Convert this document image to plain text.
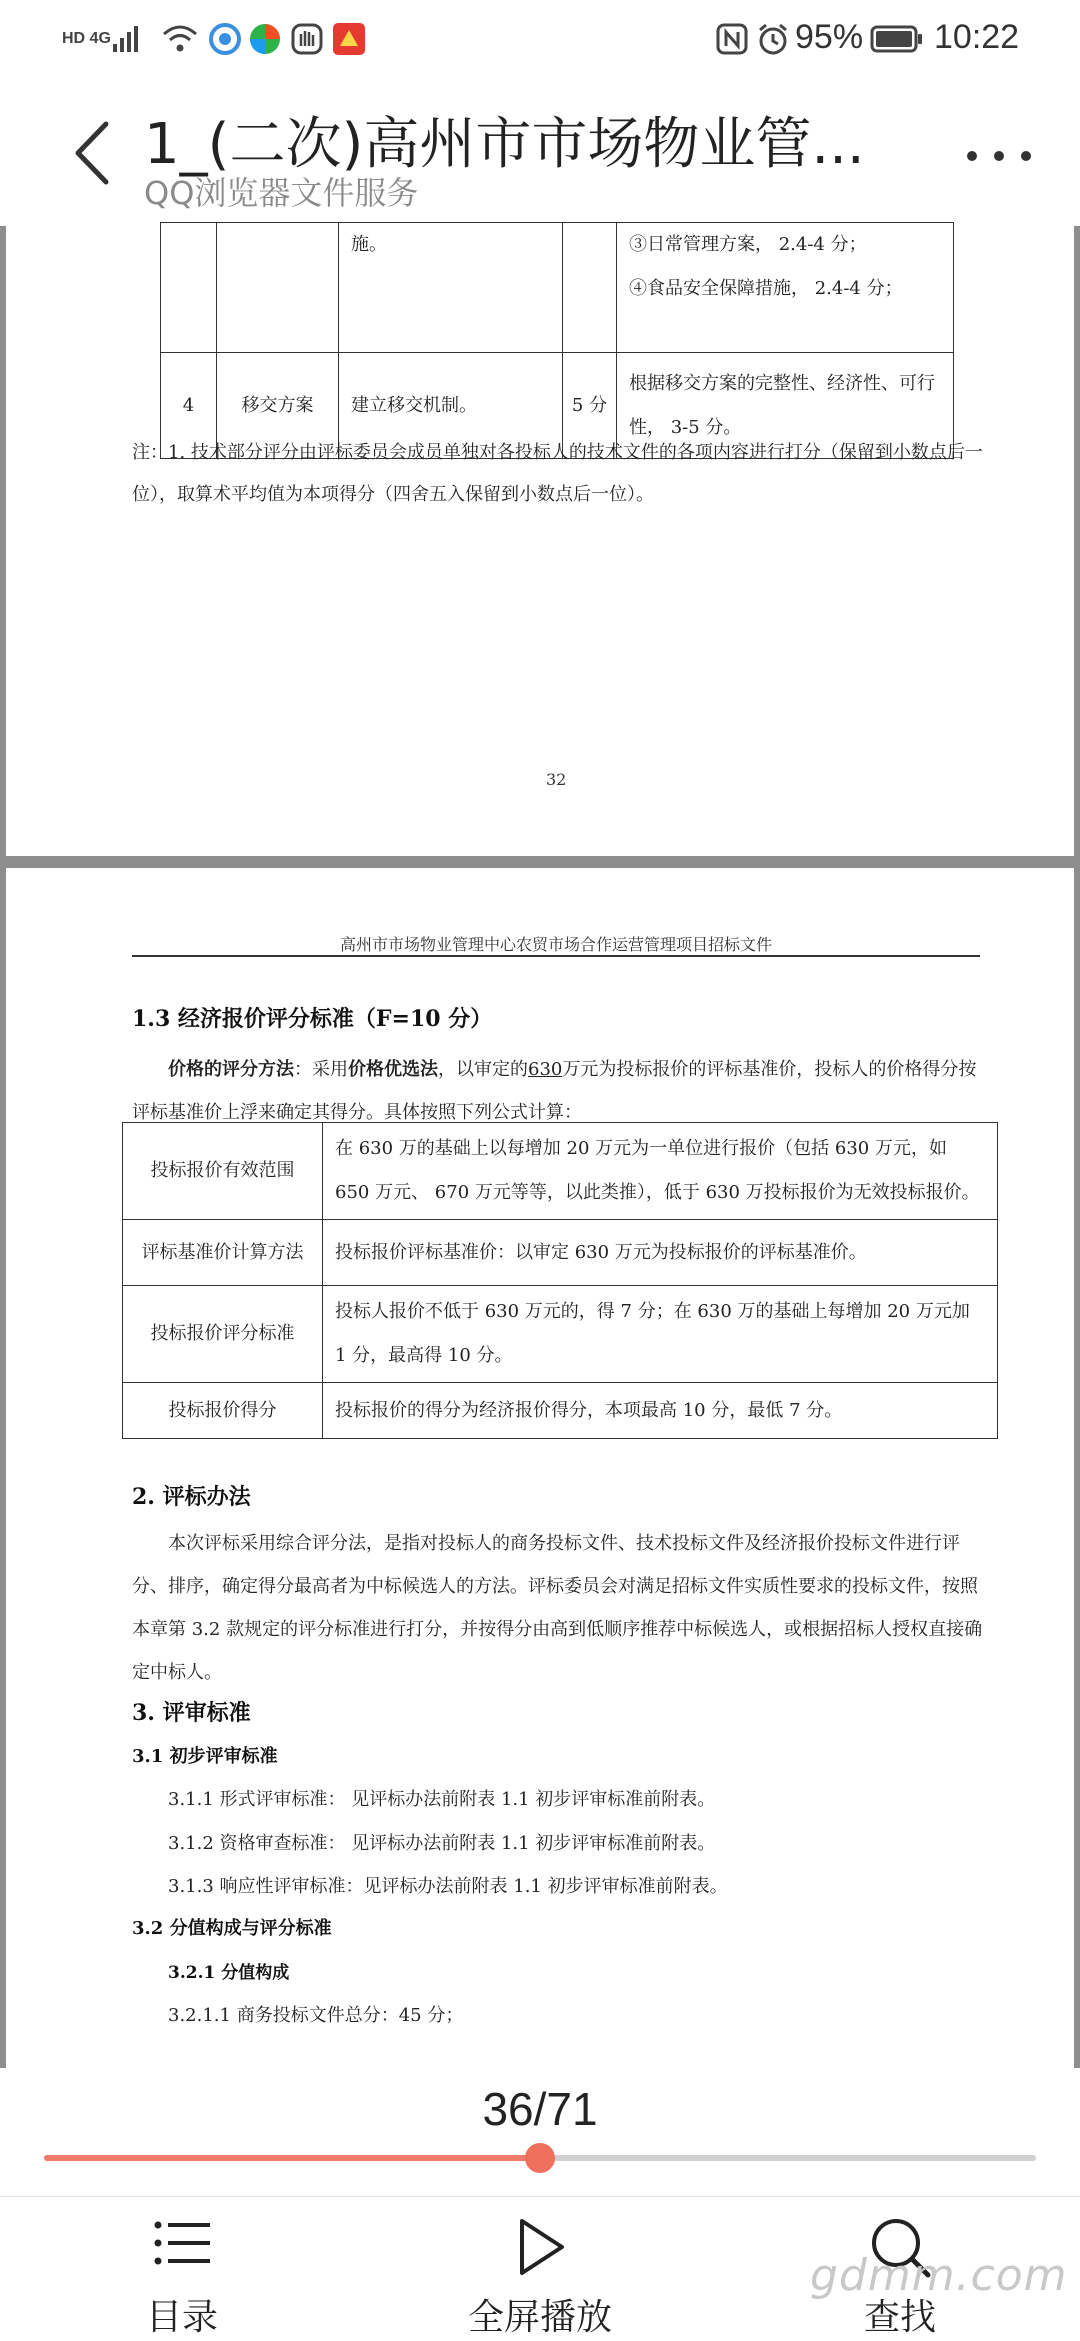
HD 4G	95% 10:22
1_(二次)高州市市场物业管...
QQ浏览器文件服务
		施。		③日常管理方案， 2.4-4 分；
④食品安全保障措施， 2.4-4 分；

4	移交方案	建立移交机制。	5 分	根据移交方案的完整性、经济性、可行性， 3-5 分。
注：1. 技术部分评分由评标委员会成员单独对各投标人的技术文件的各项内容进行打分（保留到小数点后一位），取算术平均值为本项得分（四舍五入保留到小数点后一位）。
32
高州市市场物业管理中心农贸市场合作运营管理项目招标文件
1.3 经济报价评分标准（F=10 分）
价格的评分方法：采用价格优选法，以审定的630万元为投标报价的评标基准价，投标人的价格得分按评标基准价上浮来确定其得分。具体按照下列公式计算：
投标报价有效范围	在 630 万的基础上以每增加 20 万元为一单位进行报价（包括 630 万元，如 650 万元、 670 万元等等，以此类推），低于 630 万投标报价为无效投标报价。
评标基准价计算方法	投标报价评标基准价：以审定 630 万元为投标报价的评标基准价。
投标报价评分标准	投标人报价不低于 630 万元的，得 7 分；在 630 万的基础上每增加 20 万元加 1 分，最高得 10 分。
投标报价得分	投标报价的得分为经济报价得分，本项最高 10 分，最低 7 分。
2. 评标办法
本次评标采用综合评分法，是指对投标人的商务投标文件、技术投标文件及经济报价投标文件进行评分、排序，确定得分最高者为中标候选人的方法。评标委员会对满足招标文件实质性要求的投标文件，按照本章第 3.2 款规定的评分标准进行打分，并按得分由高到低顺序推荐中标候选人，或根据招标人授权直接确定中标人。
3. 评审标准
3.1 初步评审标准
3.1.1 形式评审标准： 见评标办法前附表 1.1 初步评审标准前附表。
3.1.2 资格审查标准： 见评标办法前附表 1.1 初步评审标准前附表。
3.1.3 响应性评审标准：见评标办法前附表 1.1 初步评审标准前附表。
3.2 分值构成与评分标准
3.2.1 分值构成
3.2.1.1 商务投标文件总分：45 分；
36/71
目录	全屏播放	查找
gdmm.com
